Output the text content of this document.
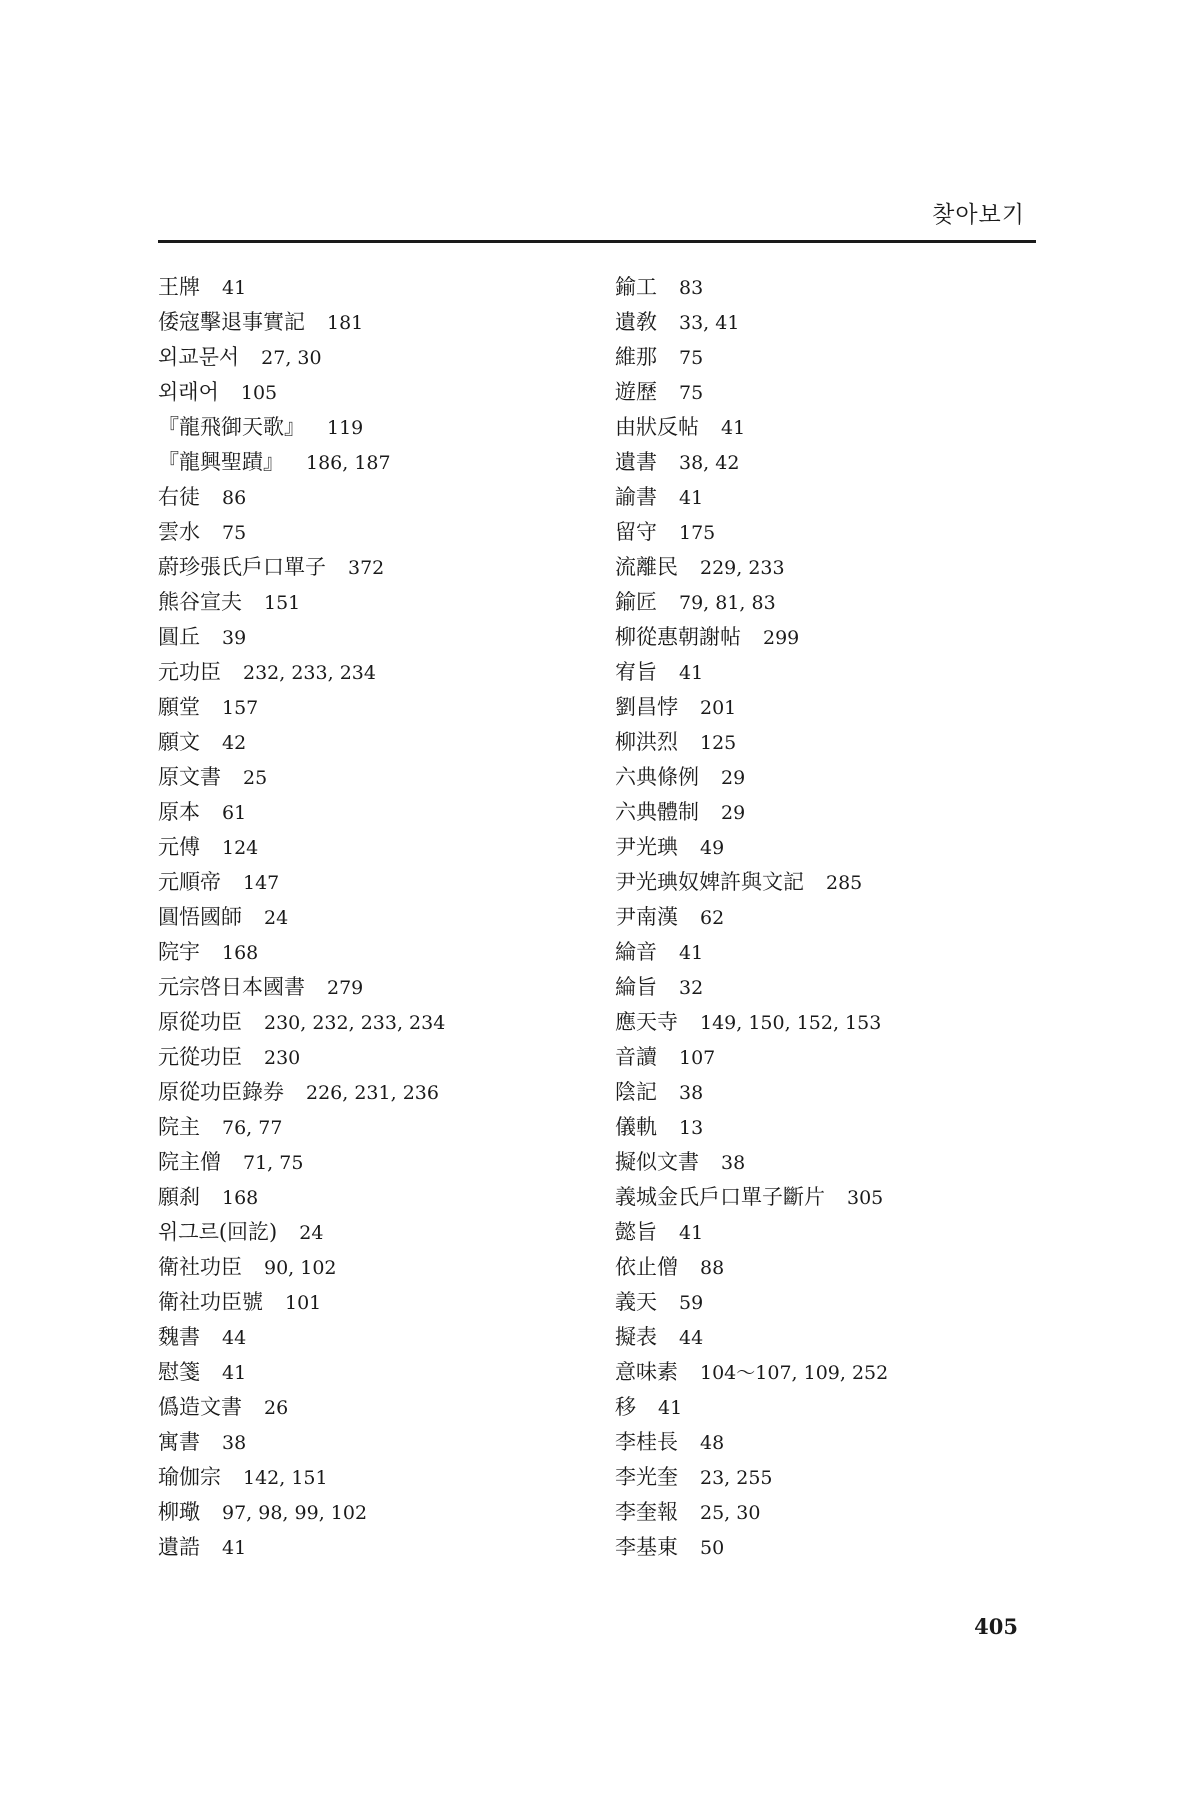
찾아보기
王牌 41
倭寇擊退事實記 181
외교문서 27, 30
외래어 105
『龍飛御天歌』 119
『龍興聖蹟』 186, 187
右徒 86
雲水 75
蔚珍張氏戶口單子 372
熊谷宣夫 151
圓丘 39
元功臣 232, 233, 234
願堂 157
願文 42
原文書 25
原本 61
元傅 124
元順帝 147
圓悟國師 24
院宇 168
元宗啓日本國書 279
原從功臣 230, 232, 233, 234
元從功臣 230
原從功臣錄券 226, 231, 236
院主 76, 77
院主僧 71, 75
願刹 168
위그르(回訖) 24
衛社功臣 90, 102
衛社功臣號 101
魏書 44
慰箋 41
僞造文書 26
寓書 38
瑜伽宗 142, 151
柳璥 97, 98, 99, 102
遺誥 41
鍮工 83
遺敎 33, 41
維那 75
遊歷 75
由狀反帖 41
遺書 38, 42
諭書 41
留守 175
流離民 229, 233
鍮匠 79, 81, 83
柳從惠朝謝帖 299
宥旨 41
劉昌悖 201
柳洪烈 125
六典條例 29
六典體制 29
尹光琠 49
尹光琠奴婢許與文記 285
尹南漢 62
綸音 41
綸旨 32
應天寺 149, 150, 152, 153
音讀 107
陰記 38
儀軌 13
擬似文書 38
義城金氏戶口單子斷片 305
懿旨 41
依止僧 88
義天 59
擬表 44
意味素 104～107, 109, 252
移 41
李桂長 48
李光奎 23, 255
李奎報 25, 30
李基東 50
405
